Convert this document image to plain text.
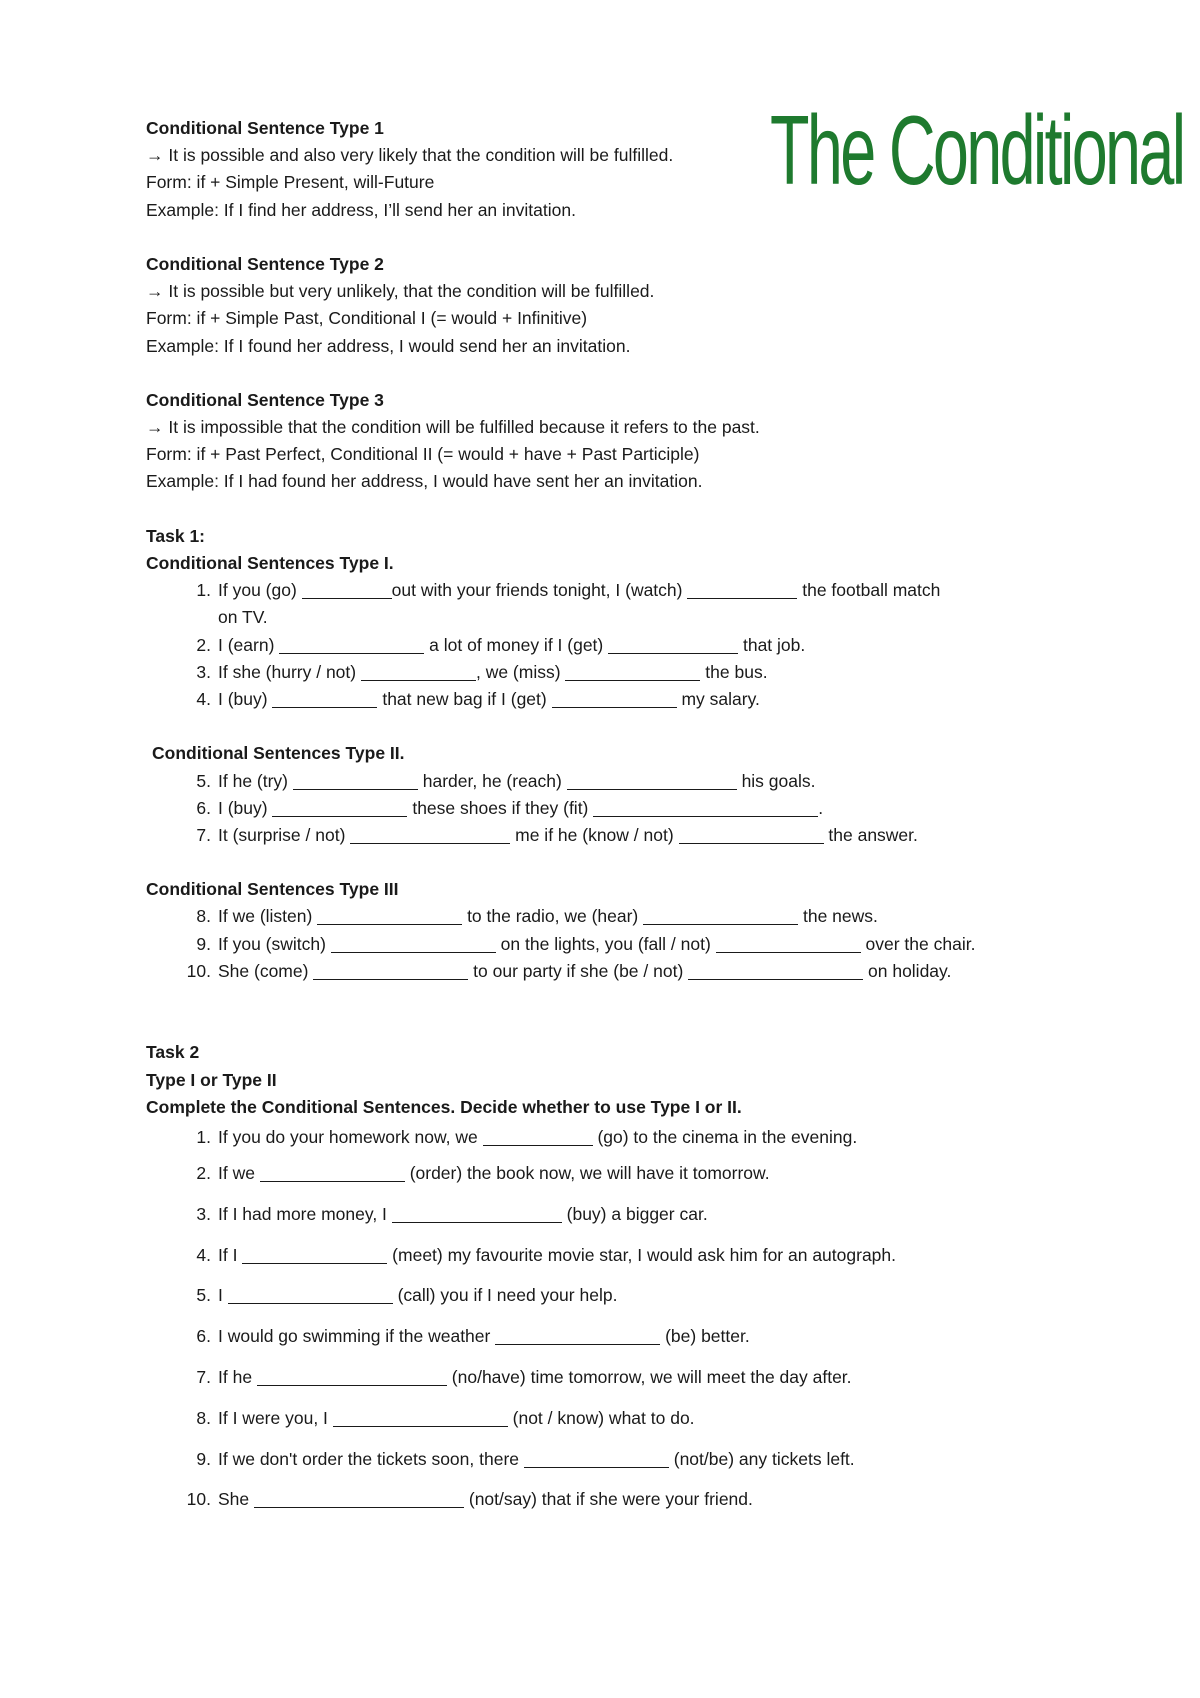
The Conditional
Conditional Sentence Type 1
→ It is possible and also very likely that the condition will be fulfilled.
Form: if + Simple Present, will-Future
Example: If I find her address, I’ll send her an invitation.
Conditional Sentence Type 2
→ It is possible but very unlikely, that the condition will be fulfilled.
Form: if + Simple Past, Conditional I (= would + Infinitive)
Example: If I found her address, I would send her an invitation.
Conditional Sentence Type 3
→ It is impossible that the condition will be fulfilled because it refers to the past.
Form: if + Past Perfect, Conditional II (= would + have + Past Participle)
Example: If I had found her address, I would have sent her an invitation.
Task 1:
Conditional Sentences Type I.
1. If you (go)	out with your friends tonight, I (watch)	the football match
on TV.
2. I (earn)	a lot of money if I (get)	that job.
3. If she (hurry / not)	, we (miss)	the bus.
4. I (buy)	that new bag if I (get)	my salary.
Conditional Sentences Type II.
5. If he (try)	harder, he (reach)	his goals.
6. I (buy)	these shoes if they (fit)	.
7. It (surprise / not)	me if he (know / not)	the answer.
Conditional Sentences Type III
8. If we (listen)	to the radio, we (hear)	the news.
9. If you (switch)	on the lights, you (fall / not)	over the chair.
10. She (come)	to our party if she (be / not)	on holiday.
Task 2
Type I or Type II
Complete the Conditional Sentences. Decide whether to use Type I or II.
1. If you do your homework now, we	(go) to the cinema in the evening.
2. If we	(order) the book now, we will have it tomorrow.
3. If I had more money, I	(buy) a bigger car.
4. If I	(meet) my favourite movie star, I would ask him for an autograph.
5. I	(call) you if I need your help.
6. I would go swimming if the weather	(be) better.
7. If he	(no/have) time tomorrow, we will meet the day after.
8. If I were you, I	(not / know) what to do.
9. If we don't order the tickets soon, there	(not/be) any tickets left.
10. She	(not/say) that if she were your friend.
